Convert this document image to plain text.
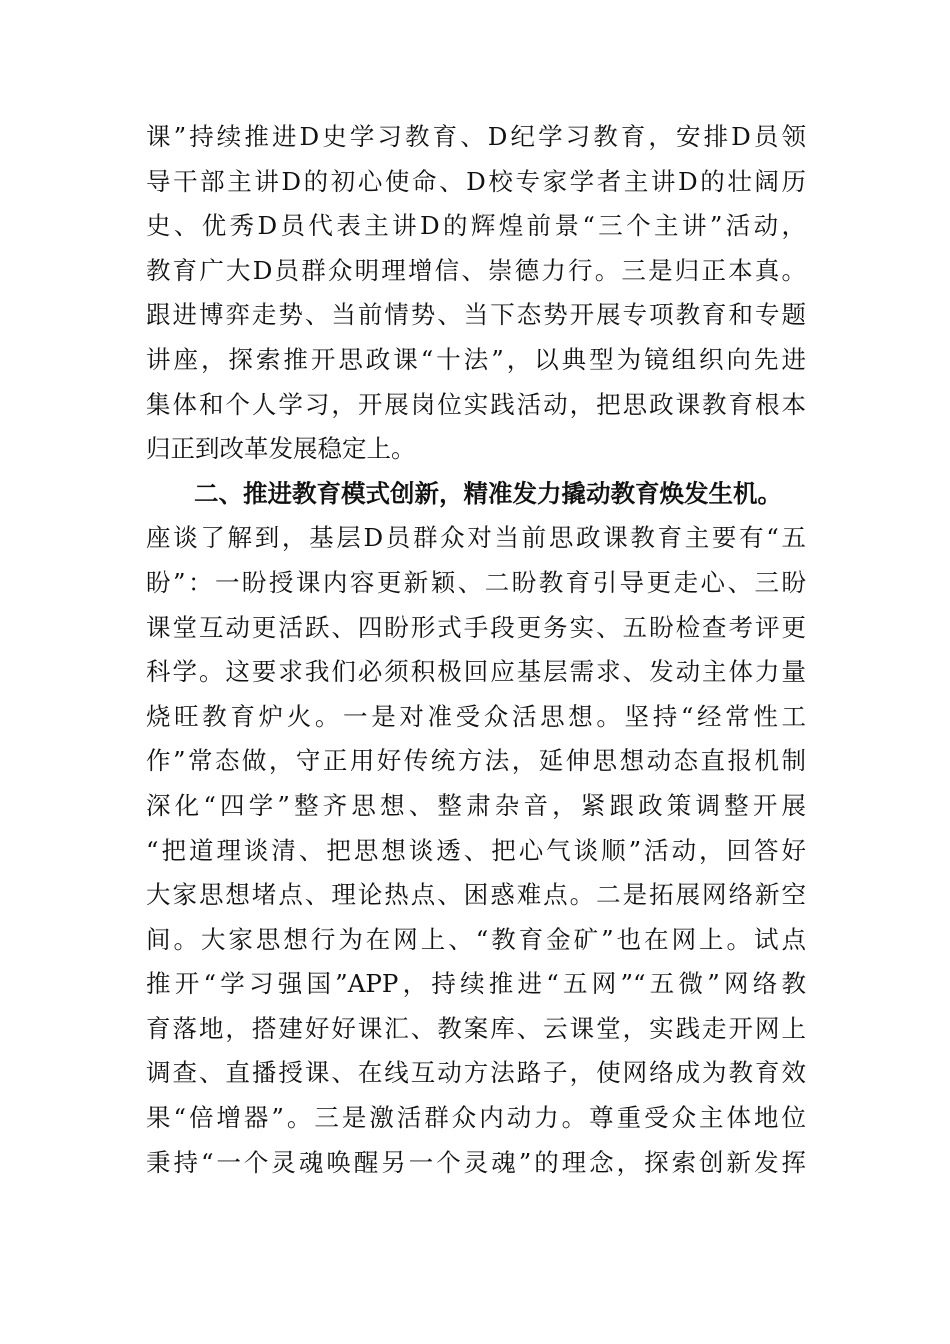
课”持续推进D史学习教育、D纪学习教育，安排D员领
导干部主讲D的初心使命、D校专家学者主讲D的壮阔历
史、优秀D员代表主讲D的辉煌前景“三个主讲”活动，
教育广大D员群众明理增信、崇德力行。三是归正本真。
跟进博弈走势、当前情势、当下态势开展专项教育和专题
讲座，探索推开思政课“十法”，以典型为镜组织向先进
集体和个人学习，开展岗位实践活动，把思政课教育根本
归正到改革发展稳定上。
二、推进教育模式创新，精准发力撬动教育焕发生机。
座谈了解到，基层D员群众对当前思政课教育主要有“五
盼”：一盼授课内容更新颖、二盼教育引导更走心、三盼
课堂互动更活跃、四盼形式手段更务实、五盼检查考评更
科学。这要求我们必须积极回应基层需求、发动主体力量
烧旺教育炉火。一是对准受众活思想。坚持“经常性工
作”常态做，守正用好传统方法，延伸思想动态直报机制
深化“四学”整齐思想、整肃杂音，紧跟政策调整开展
“把道理谈清、把思想谈透、把心气谈顺”活动，回答好
大家思想堵点、理论热点、困惑难点。二是拓展网络新空
间。大家思想行为在网上、“教育金矿”也在网上。试点
推开“学习强国”APP，持续推进“五网”“五微”网络教
育落地，搭建好好课汇、教案库、云课堂，实践走开网上
调查、直播授课、在线互动方法路子，使网络成为教育效
果“倍增器”。三是激活群众内动力。尊重受众主体地位
秉持“一个灵魂唤醒另一个灵魂”的理念，探索创新发挥
